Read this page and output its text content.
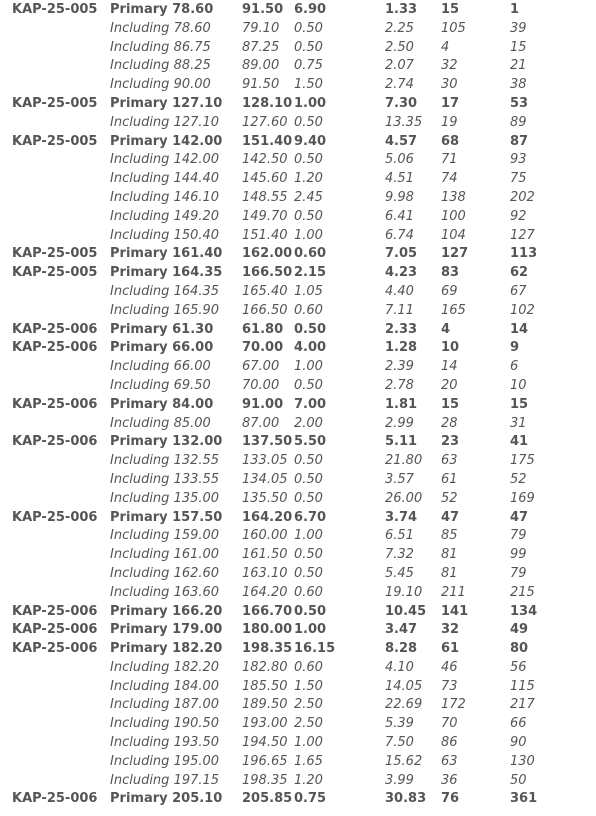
KAP-25-005 Primary 78.60 91.50 6.90	1.33 15	1
Including 78.60 79.10 0.50	2.25 105	39
Including 86.75 87.25 0.50	2.50 4	15
Including 88.25 89.00 0.75	2.07 32	21
Including 90.00 91.50 1.50	2.74 30	38
KAP-25-005 Primary 127.10 128.10 1.00	7.30 17	53
Including 127.10 127.60 0.50	13.35 19	89
KAP-25-005 Primary 142.00 151.40 9.40	4.57 68	87
Including 142.00 142.50 0.50	5.06 71	93
Including 144.40 145.60 1.20	4.51 74	75
Including 146.10 148.55 2.45	9.98 138	202
Including 149.20 149.70 0.50	6.41 100	92
Including 150.40 151.40 1.00	6.74 104	127
KAP-25-005 Primary 161.40 162.00 0.60	7.05 127	113
KAP-25-005 Primary 164.35 166.50 2.15	4.23 83	62
Including 164.35 165.40 1.05	4.40 69	67
Including 165.90 166.50 0.60	7.11 165	102
KAP-25-006 Primary 61.30 61.80 0.50	2.33 4	14
KAP-25-006 Primary 66.00 70.00 4.00	1.28 10	9
Including 66.00 67.00 1.00	2.39 14	6
Including 69.50 70.00 0.50	2.78 20	10
KAP-25-006 Primary 84.00 91.00 7.00	1.81 15	15
Including 85.00 87.00 2.00	2.99 28	31
KAP-25-006 Primary 132.00 137.50 5.50	5.11 23	41
Including 132.55 133.05 0.50	21.80 63	175
Including 133.55 134.05 0.50	3.57 61	52
Including 135.00 135.50 0.50	26.00 52	169
KAP-25-006 Primary 157.50 164.20 6.70	3.74 47	47
Including 159.00 160.00 1.00	6.51 85	79
Including 161.00 161.50 0.50	7.32 81	99
Including 162.60 163.10 0.50	5.45 81	79
Including 163.60 164.20 0.60	19.10 211	215
KAP-25-006 Primary 166.20 166.70 0.50	10.45 141	134
KAP-25-006 Primary 179.00 180.00 1.00	3.47 32	49
KAP-25-006 Primary 182.20 198.35 16.15	8.28 61	80
Including 182.20 182.80 0.60	4.10 46	56
Including 184.00 185.50 1.50	14.05 73	115
Including 187.00 189.50 2.50	22.69 172	217
Including 190.50 193.00 2.50	5.39 70	66
Including 193.50 194.50 1.00	7.50 86	90
Including 195.00 196.65 1.65	15.62 63	130
Including 197.15 198.35 1.20	3.99 36	50
KAP-25-006 Primary 205.10 205.85 0.75	30.83 76	361
